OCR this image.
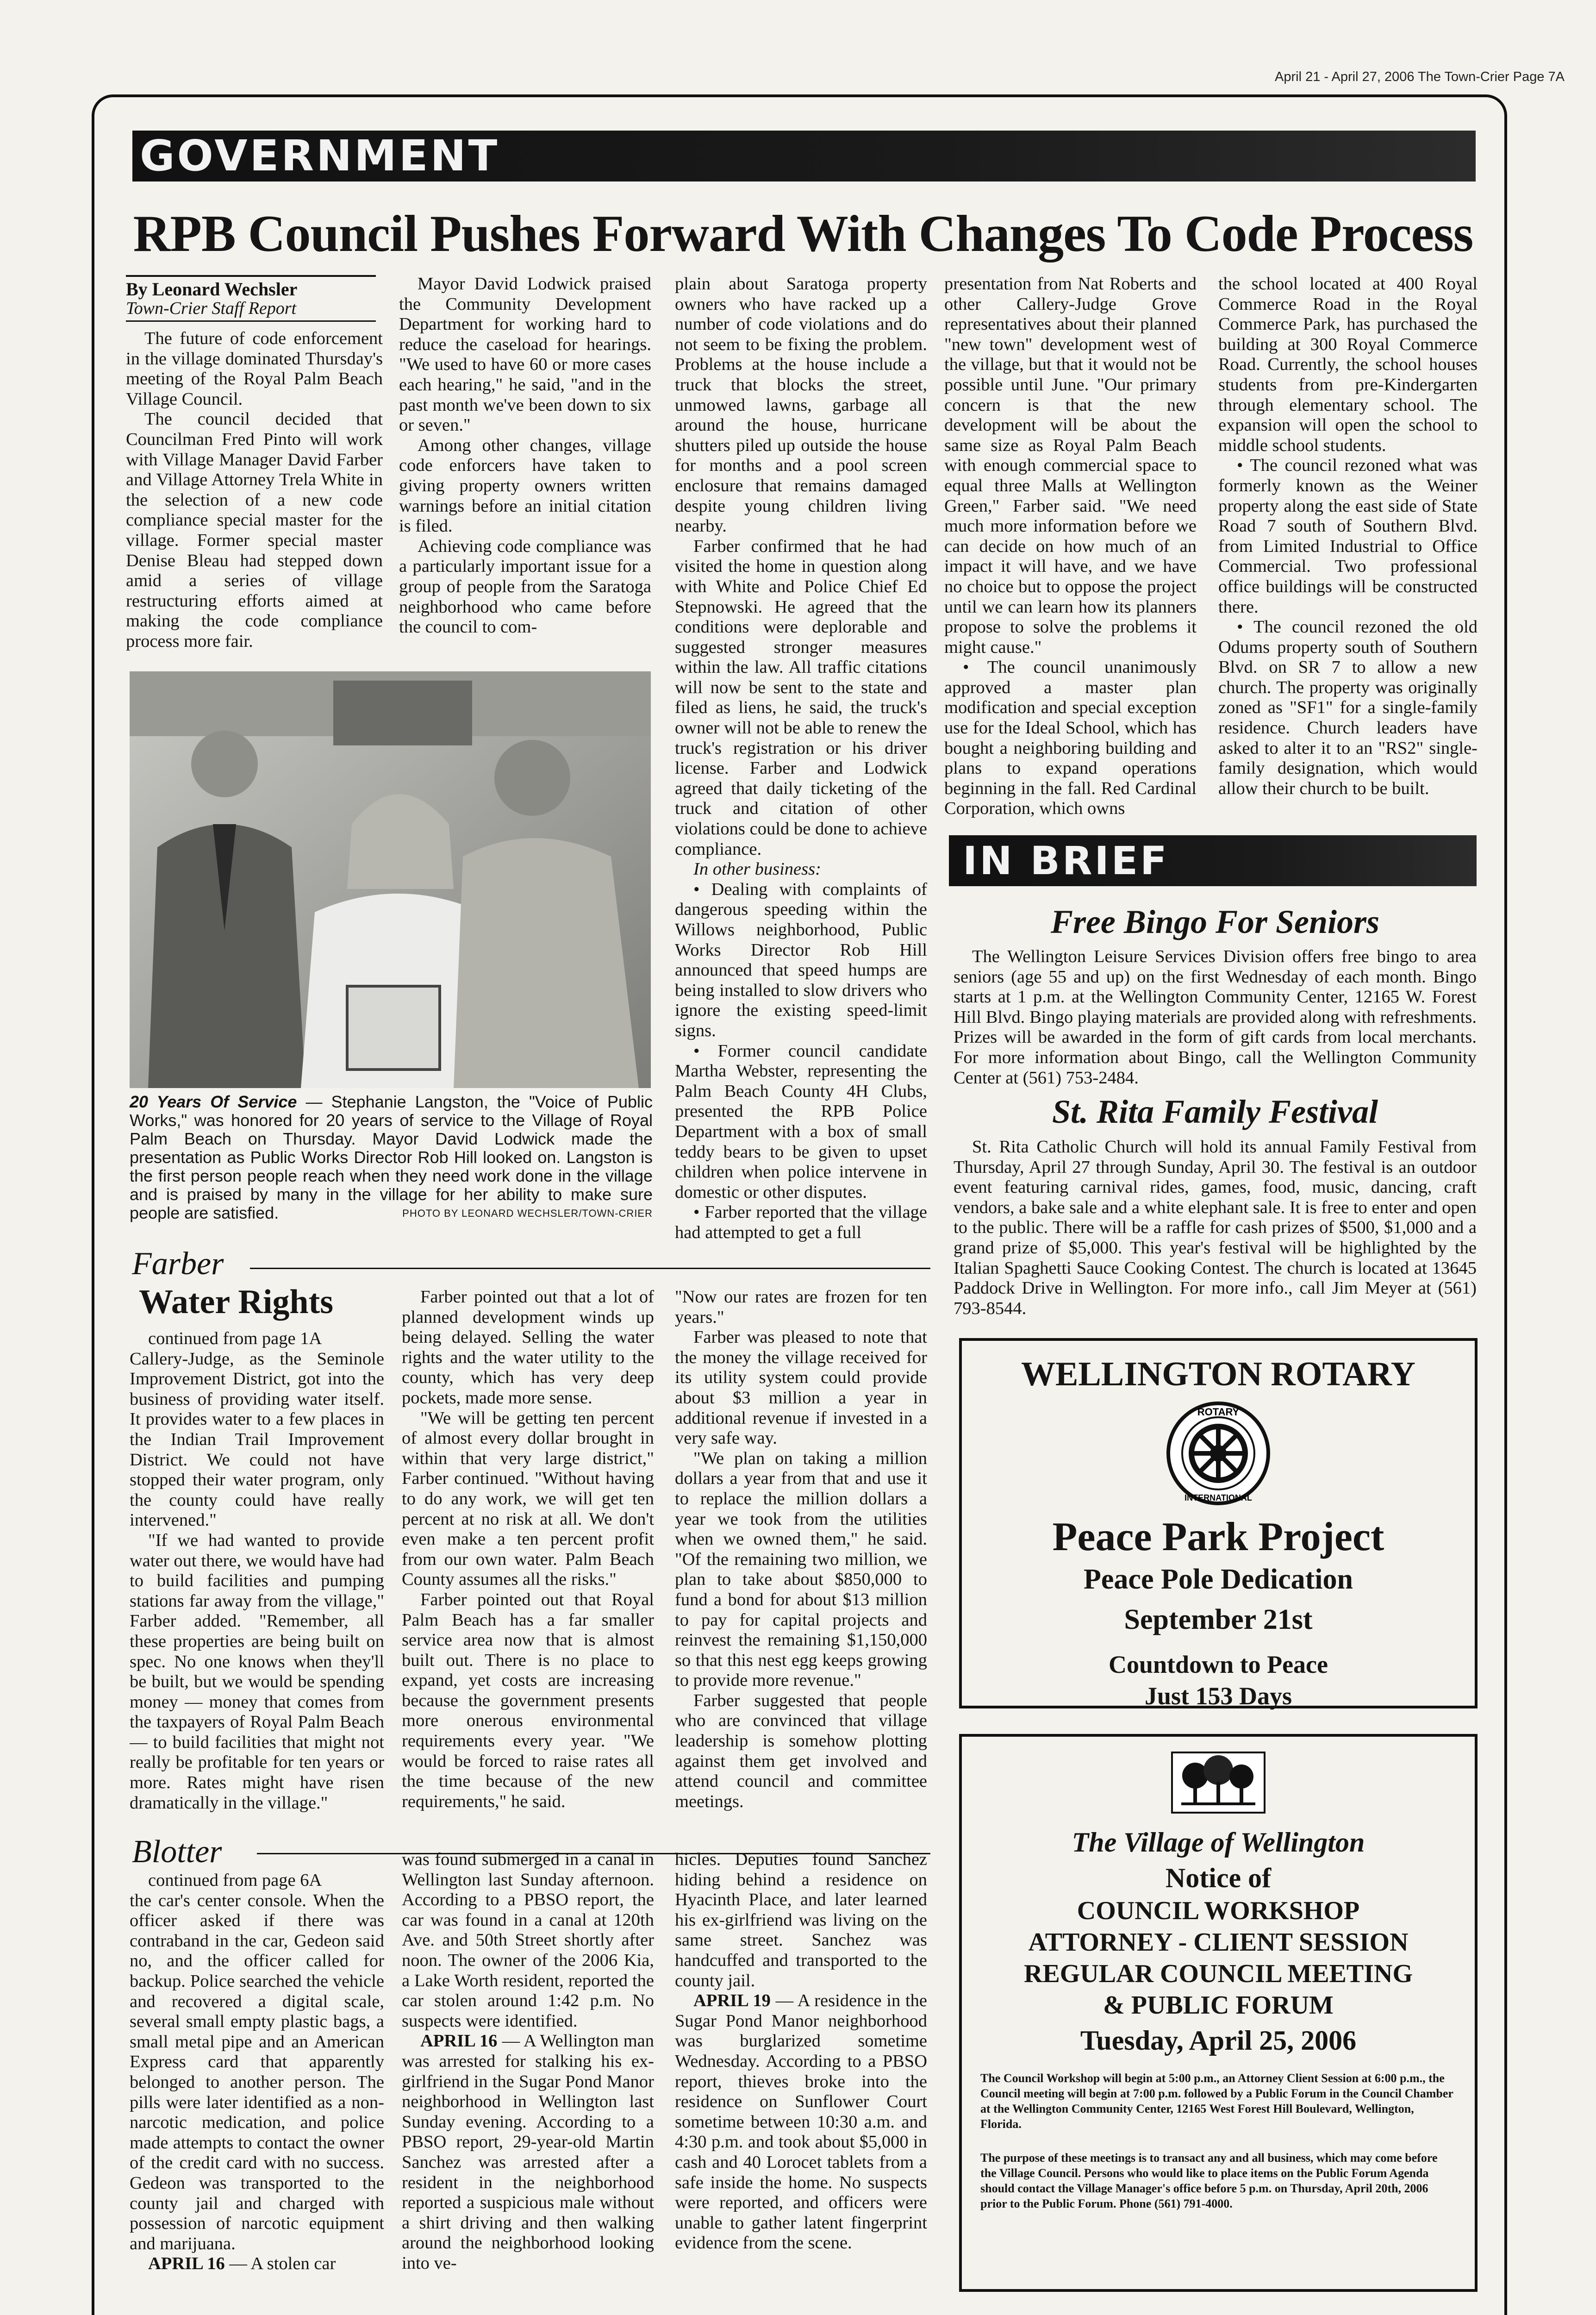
April 21 - April 27, 2006 The Town-Crier Page 7A
GOVERNMENT
RPB Council Pushes Forward With Changes To Code Process
By Leonard Wechsler
Town-Crier Staff Report

The future of code enforcement in the village dominated Thursday's meeting of the Royal Palm Beach Village Council.

The council decided that Councilman Fred Pinto will work with Village Manager David Farber and Village Attorney Trela White in the selection of a new code compliance special master for the village. Former special master Denise Bleau had stepped down amid a series of village restructuring efforts aimed at making the code compliance process more fair.

Mayor David Lodwick praised the Community Development Department for working hard to reduce the caseload for hearings. "We used to have 60 or more cases each hearing," he said, "and in the past month we've been down to six or seven."

Among other changes, village code enforcers have taken to giving property owners written warnings before an initial citation is filed.

Achieving code compliance was a particularly important issue for a group of people from the Saratoga neighborhood who came before the council to com-

plain about Saratoga property owners who have racked up a number of code violations and do not seem to be fixing the problem. Problems at the house include a truck that blocks the street, unmowed lawns, garbage all around the house, hurricane shutters piled up outside the house for months and a pool screen enclosure that remains damaged despite young children living nearby.

Farber confirmed that he had visited the home in question along with White and Police Chief Ed Stepnowski. He agreed that the conditions were deplorable and suggested stronger measures within the law. All traffic citations will now be sent to the state and filed as liens, he said, the truck's owner will not be able to renew the truck's registration or his driver license. Farber and Lodwick agreed that daily ticketing of the truck and citation of other violations could be done to achieve compliance.

In other business:

• Dealing with complaints of dangerous speeding within the Willows neighborhood, Public Works Director Rob Hill announced that speed humps are being installed to slow drivers who ignore the existing speed-limit signs.

• Former council candidate Martha Webster, representing the Palm Beach County 4H Clubs, presented the RPB Police Department with a box of small teddy bears to be given to upset children when police intervene in domestic or other disputes.

• Farber reported that the village had attempted to get a full

presentation from Nat Roberts and other Callery-Judge Grove representatives about their planned "new town" development west of the village, but that it would not be possible until June. "Our primary concern is that the new development will be about the same size as Royal Palm Beach with enough commercial space to equal three Malls at Wellington Green," Farber said. "We need much more information before we can decide on how much of an impact it will have, and we have no choice but to oppose the project until we can learn how its planners propose to solve the problems it might cause."

• The council unanimously approved a master plan modification and special exception use for the Ideal School, which has bought a neighboring building and plans to expand operations beginning in the fall. Red Cardinal Corporation, which owns

the school located at 400 Royal Commerce Road in the Royal Commerce Park, has purchased the building at 300 Royal Commerce Road. Currently, the school houses students from pre-Kindergarten through elementary school. The expansion will open the school to middle school students.

• The council rezoned what was formerly known as the Weiner property along the east side of State Road 7 south of Southern Blvd. from Limited Industrial to Office Commercial. Two professional office buildings will be constructed there.

• The council rezoned the old Odums property south of Southern Blvd. on SR 7 to allow a new church. The property was originally zoned as "SF1" for a single-family residence. Church leaders have asked to alter it to an "RS2" single-family designation, which would allow their church to be built.

20 Years Of Service — Stephanie Langston, the "Voice of Public Works," was honored for 20 years of service to the Village of Royal Palm Beach on Thursday. Mayor David Lodwick made the presentation as Public Works Director Rob Hill looked on. Langston is the first person people reach when they need work done in the village and is praised by many in the village for her ability to make sure people are satisfied.	PHOTO BY LEONARD WECHSLER/TOWN-CRIER
IN BRIEF
Free Bingo For Seniors

The Wellington Leisure Services Division offers free bingo to area seniors (age 55 and up) on the first Wednesday of each month. Bingo starts at 1 p.m. at the Wellington Community Center, 12165 W. Forest Hill Blvd. Bingo playing materials are provided along with refreshments. Prizes will be awarded in the form of gift cards from local merchants. For more information about Bingo, call the Wellington Community Center at (561) 753-2484.

St. Rita Family Festival

St. Rita Catholic Church will hold its annual Family Festival from Thursday, April 27 through Sunday, April 30. The festival is an outdoor event featuring carnival rides, games, food, music, dancing, craft vendors, a bake sale and a white elephant sale. It is free to enter and open to the public. There will be a raffle for cash prizes of $500, $1,000 and a grand prize of $5,000. This year's festival will be highlighted by the Italian Spaghetti Sauce Cooking Contest. The church is located at 13645 Paddock Drive in Wellington. For more info., call Jim Meyer at (561) 793-8544.

Farber
Water Rights

continued from page 1A

Callery-Judge, as the Seminole Improvement District, got into the business of providing water itself. It provides water to a few places in the Indian Trail Improvement District. We could not have stopped their water program, only the county could have really intervened."

"If we had wanted to provide water out there, we would have had to build facilities and pumping stations far away from the village," Farber added. "Remember, all these properties are being built on spec. No one knows when they'll be built, but we would be spending money — money that comes from the taxpayers of Royal Palm Beach — to build facilities that might not really be profitable for ten years or more. Rates might have risen dramatically in the village."

Farber pointed out that a lot of planned development winds up being delayed. Selling the water rights and the water utility to the county, which has very deep pockets, made more sense.

"We will be getting ten percent of almost every dollar brought in within that very large district," Farber continued. "Without having to do any work, we will get ten percent at no risk at all. We don't even make a ten percent profit from our own water. Palm Beach County assumes all the risks."

Farber pointed out that Royal Palm Beach has a far smaller service area now that is almost built out. There is no place to expand, yet costs are increasing because the government presents more onerous environmental requirements every year. "We would be forced to raise rates all the time because of the new requirements," he said.

"Now our rates are frozen for ten years."

Farber was pleased to note that the money the village received for its utility system could provide about $3 million a year in additional revenue if invested in a very safe way.

"We plan on taking a million dollars a year from that and use it to replace the million dollars a year we took from the utilities when we owned them," he said. "Of the remaining two million, we plan to take about $850,000 to fund a bond for about $13 million to pay for capital projects and reinvest the remaining $1,150,000 so that this nest egg keeps growing to provide more revenue."

Farber suggested that people who are convinced that village leadership is somehow plotting against them get involved and attend council and committee meetings.

Blotter

continued from page 6A

the car's center console. When the officer asked if there was contraband in the car, Gedeon said no, and the officer called for backup. Police searched the vehicle and recovered a digital scale, several small empty plastic bags, a small metal pipe and an American Express card that apparently belonged to another person. The pills were later identified as a non-narcotic medication, and police made attempts to contact the owner of the credit card with no success. Gedeon was transported to the county jail and charged with possession of narcotic equipment and marijuana.

APRIL 16 — A stolen car

was found submerged in a canal in Wellington last Sunday afternoon. According to a PBSO report, the car was found in a canal at 120th Ave. and 50th Street shortly after noon. The owner of the 2006 Kia, a Lake Worth resident, reported the car stolen around 1:42 p.m. No suspects were identified.

APRIL 16 — A Wellington man was arrested for stalking his ex-girlfriend in the Sugar Pond Manor neighborhood in Wellington last Sunday evening. According to a PBSO report, 29-year-old Martin Sanchez was arrested after a resident in the neighborhood reported a suspicious male without a shirt driving and then walking around the neighborhood looking into ve-

hicles. Deputies found Sanchez hiding behind a residence on Hyacinth Place, and later learned his ex-girlfriend was living on the same street. Sanchez was handcuffed and transported to the county jail.

APRIL 19 — A residence in the Sugar Pond Manor neighborhood was burglarized sometime Wednesday. According to a PBSO report, thieves broke into the residence on Sunflower Court sometime between 10:30 a.m. and 4:30 p.m. and took about $5,000 in cash and 40 Lorocet tablets from a safe inside the home. No suspects were reported, and officers were unable to gather latent fingerprint evidence from the scene.

WELLINGTON ROTARY
ROTARY
INTERNATIONAL
Peace Park Project
Peace Pole Dedication
September 21st
Countdown to Peace
Just 153 Days
The Village of Wellington
Notice of
COUNCIL WORKSHOP
ATTORNEY - CLIENT SESSION
REGULAR COUNCIL MEETING
& PUBLIC FORUM
Tuesday, April 25, 2006
The Council Workshop will begin at 5:00 p.m., an Attorney Client Session at 6:00 p.m., the Council meeting will begin at 7:00 p.m. followed by a Public Forum in the Council Chamber at the Wellington Community Center, 12165 West Forest Hill Boulevard, Wellington, Florida.
The purpose of these meetings is to transact any and all business, which may come before the Village Council. Persons who would like to place items on the Public Forum Agenda should contact the Village Manager's office before 5 p.m. on Thursday, April 20th, 2006 prior to the Public Forum. Phone (561) 791-4000.
